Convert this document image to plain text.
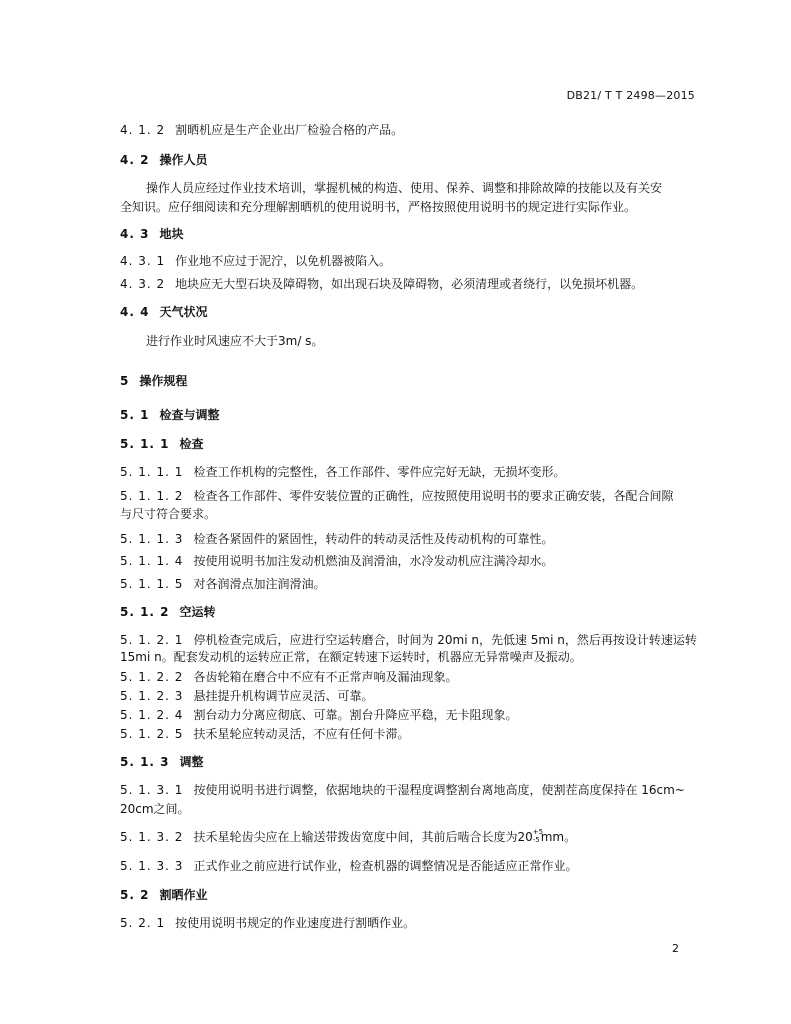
DB21/ T T 2498—2015
4. 1. 2 割晒机应是生产企业出厂检验合格的产品。
4. 2 操作人员
操作人员应经过作业技术培训，掌握机械的构造、使用、保养、调整和排除故障的技能以及有关安
全知识。应仔细阅读和充分理解割晒机的使用说明书，严格按照使用说明书的规定进行实际作业。
4. 3 地块
4. 3. 1 作业地不应过于泥泞，以免机器被陷入。
4. 3. 2 地块应无大型石块及障碍物，如出现石块及障碍物，必须清理或者绕行，以免损坏机器。
4. 4 天气状况
进行作业时风速应不大于3m/ s。
5 操作规程
5. 1 检查与调整
5. 1. 1 检查
5. 1. 1. 1 检查工作机构的完整性，各工作部件、零件应完好无缺，无损坏变形。
5. 1. 1. 2 检查各工作部件、零件安装位置的正确性，应按照使用说明书的要求正确安装，各配合间隙
与尺寸符合要求。
5. 1. 1. 3 检查各紧固件的紧固性，转动件的转动灵活性及传动机构的可靠性。
5. 1. 1. 4 按使用说明书加注发动机燃油及润滑油，水冷发动机应注满冷却水。
5. 1. 1. 5 对各润滑点加注润滑油。
5. 1. 2 空运转
5. 1. 2. 1 停机检查完成后，应进行空运转磨合，时间为 20mi n，先低速 5mi n，然后再按设计转速运转
15mi n。配套发动机的运转应正常，在额定转速下运转时，机器应无异常噪声及振动。
5. 1. 2. 2 各齿轮箱在磨合中不应有不正常声响及漏油现象。
5. 1. 2. 3 悬挂提升机构调节应灵活、可靠。
5. 1. 2. 4 割台动力分离应彻底、可靠。割台升降应平稳，无卡阻现象。
5. 1. 2. 5 扶禾星轮应转动灵活，不应有任何卡滞。
5. 1. 3 调整
5. 1. 3. 1 按使用说明书进行调整，依据地块的干湿程度调整割台离地高度，使割茬高度保持在 16cm~
20cm之间。
5. 1. 3. 2 扶禾星轮齿尖应在上输送带拨齿宽度中间，其前后啮合长度为20 +5
-5 mm。
5. 1. 3. 3 正式作业之前应进行试作业，检查机器的调整情况是否能适应正常作业。
5. 2 割晒作业
5. 2. 1 按使用说明书规定的作业速度进行割晒作业。
2
